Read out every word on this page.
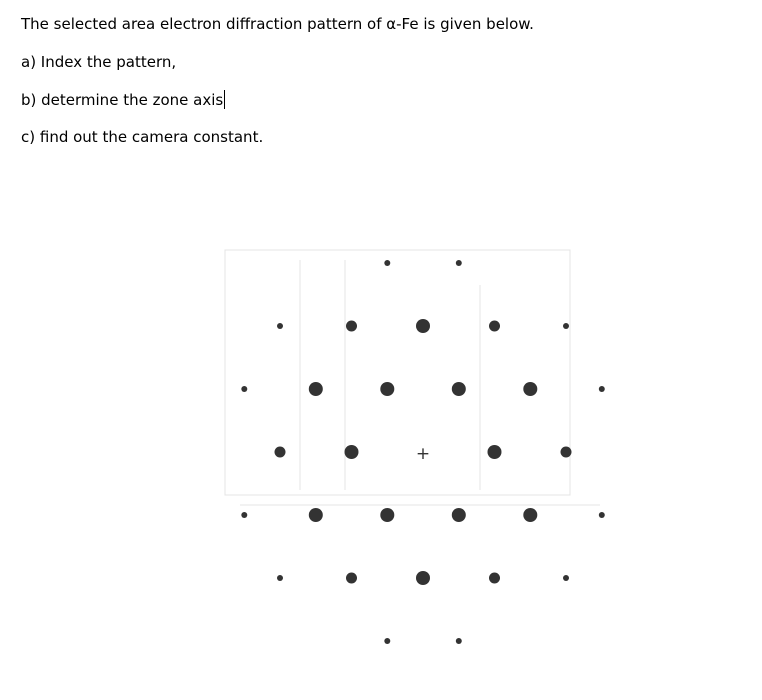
The selected area electron diffraction pattern of α-Fe is given below.
a) Index the pattern,
b) determine the zone axis
c) find out the camera constant.
+
